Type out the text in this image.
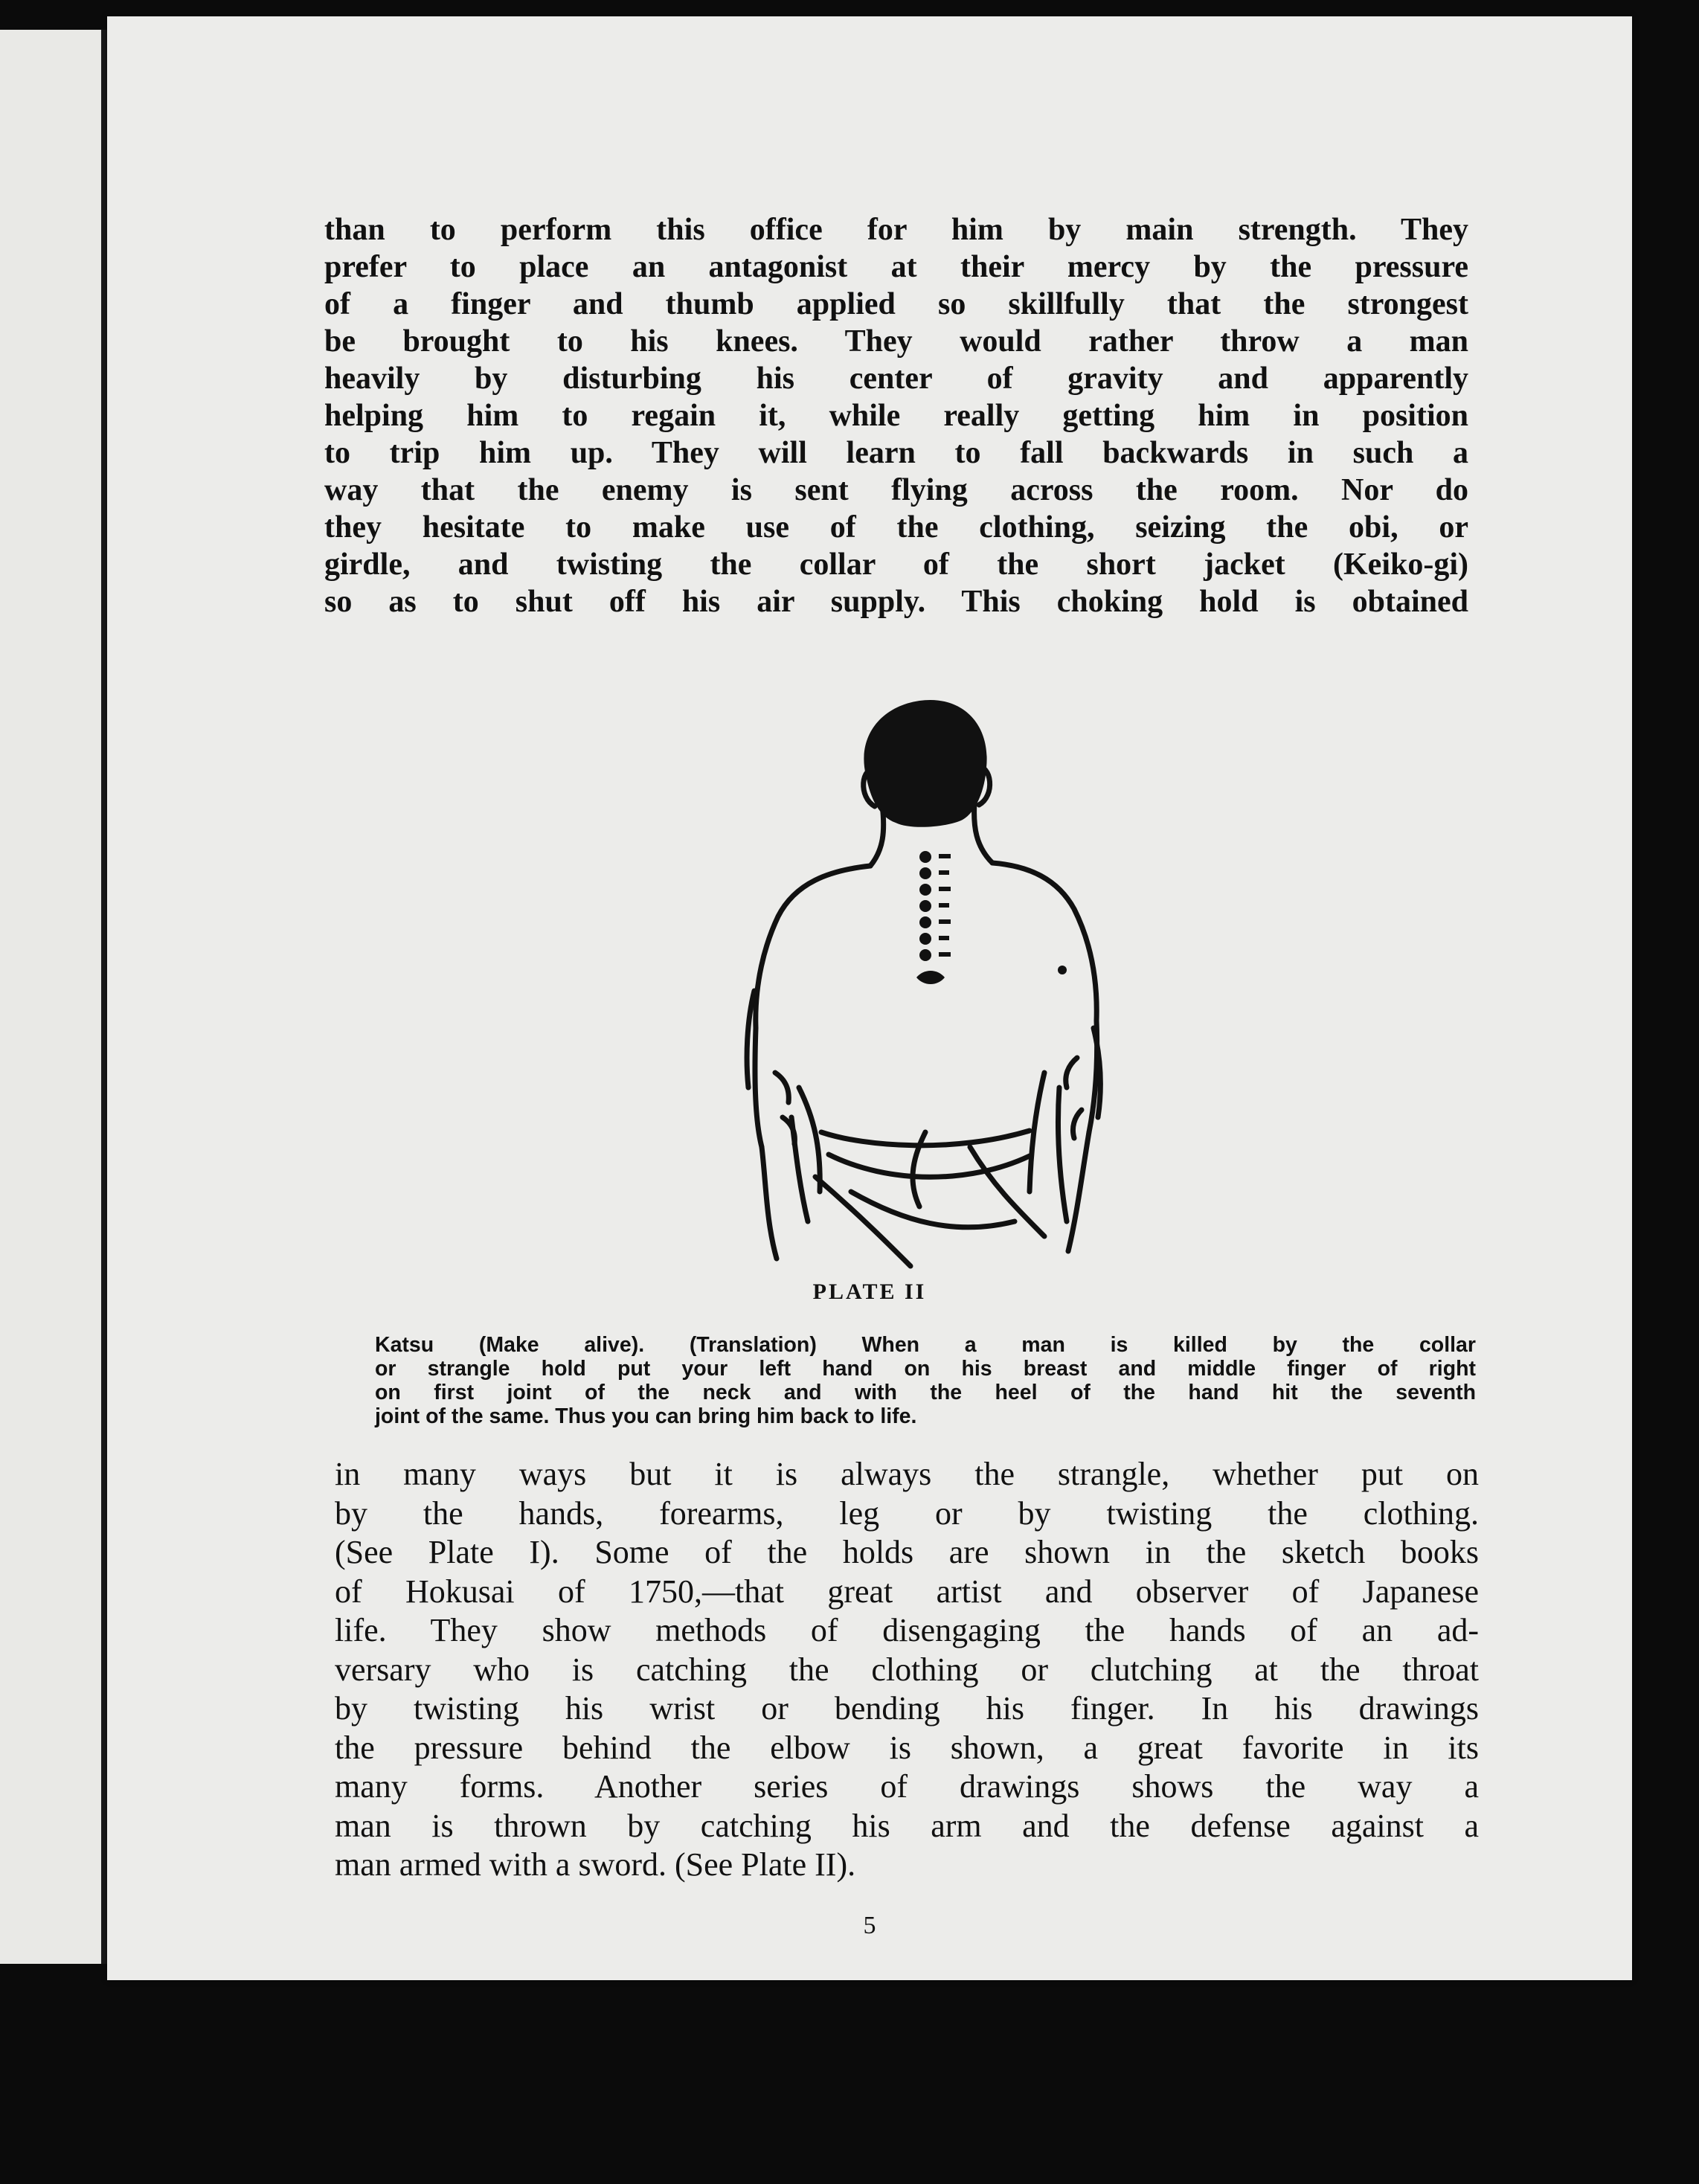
than to perform this office for him by main strength. They
prefer to place an antagonist at their mercy by the pressure
of a finger and thumb applied so skillfully that the strongest
be brought to his knees. They would rather throw a man
heavily by disturbing his center of gravity and apparently
helping him to regain it, while really getting him in position
to trip him up. They will learn to fall backwards in such a
way that the enemy is sent flying across the room. Nor do
they hesitate to make use of the clothing, seizing the obi, or
girdle, and twisting the collar of the short jacket (Keiko-gi)
so as to shut off his air supply. This choking hold is obtained
PLATE II
Katsu (Make alive). (Translation) When a man is killed by the collar
or strangle hold put your left hand on his breast and middle finger of right
on first joint of the neck and with the heel of the hand hit the seventh
joint of the same. Thus you can bring him back to life.
in many ways but it is always the strangle, whether put on
by the hands, forearms, leg or by twisting the clothing.
(See Plate I). Some of the holds are shown in the sketch books
of Hokusai of 1750,—that great artist and observer of Japanese
life. They show methods of disengaging the hands of an ad-
versary who is catching the clothing or clutching at the throat
by twisting his wrist or bending his finger. In his drawings
the pressure behind the elbow is shown, a great favorite in its
many forms. Another series of drawings shows the way a
man is thrown by catching his arm and the defense against a
man armed with a sword. (See Plate II).
5
